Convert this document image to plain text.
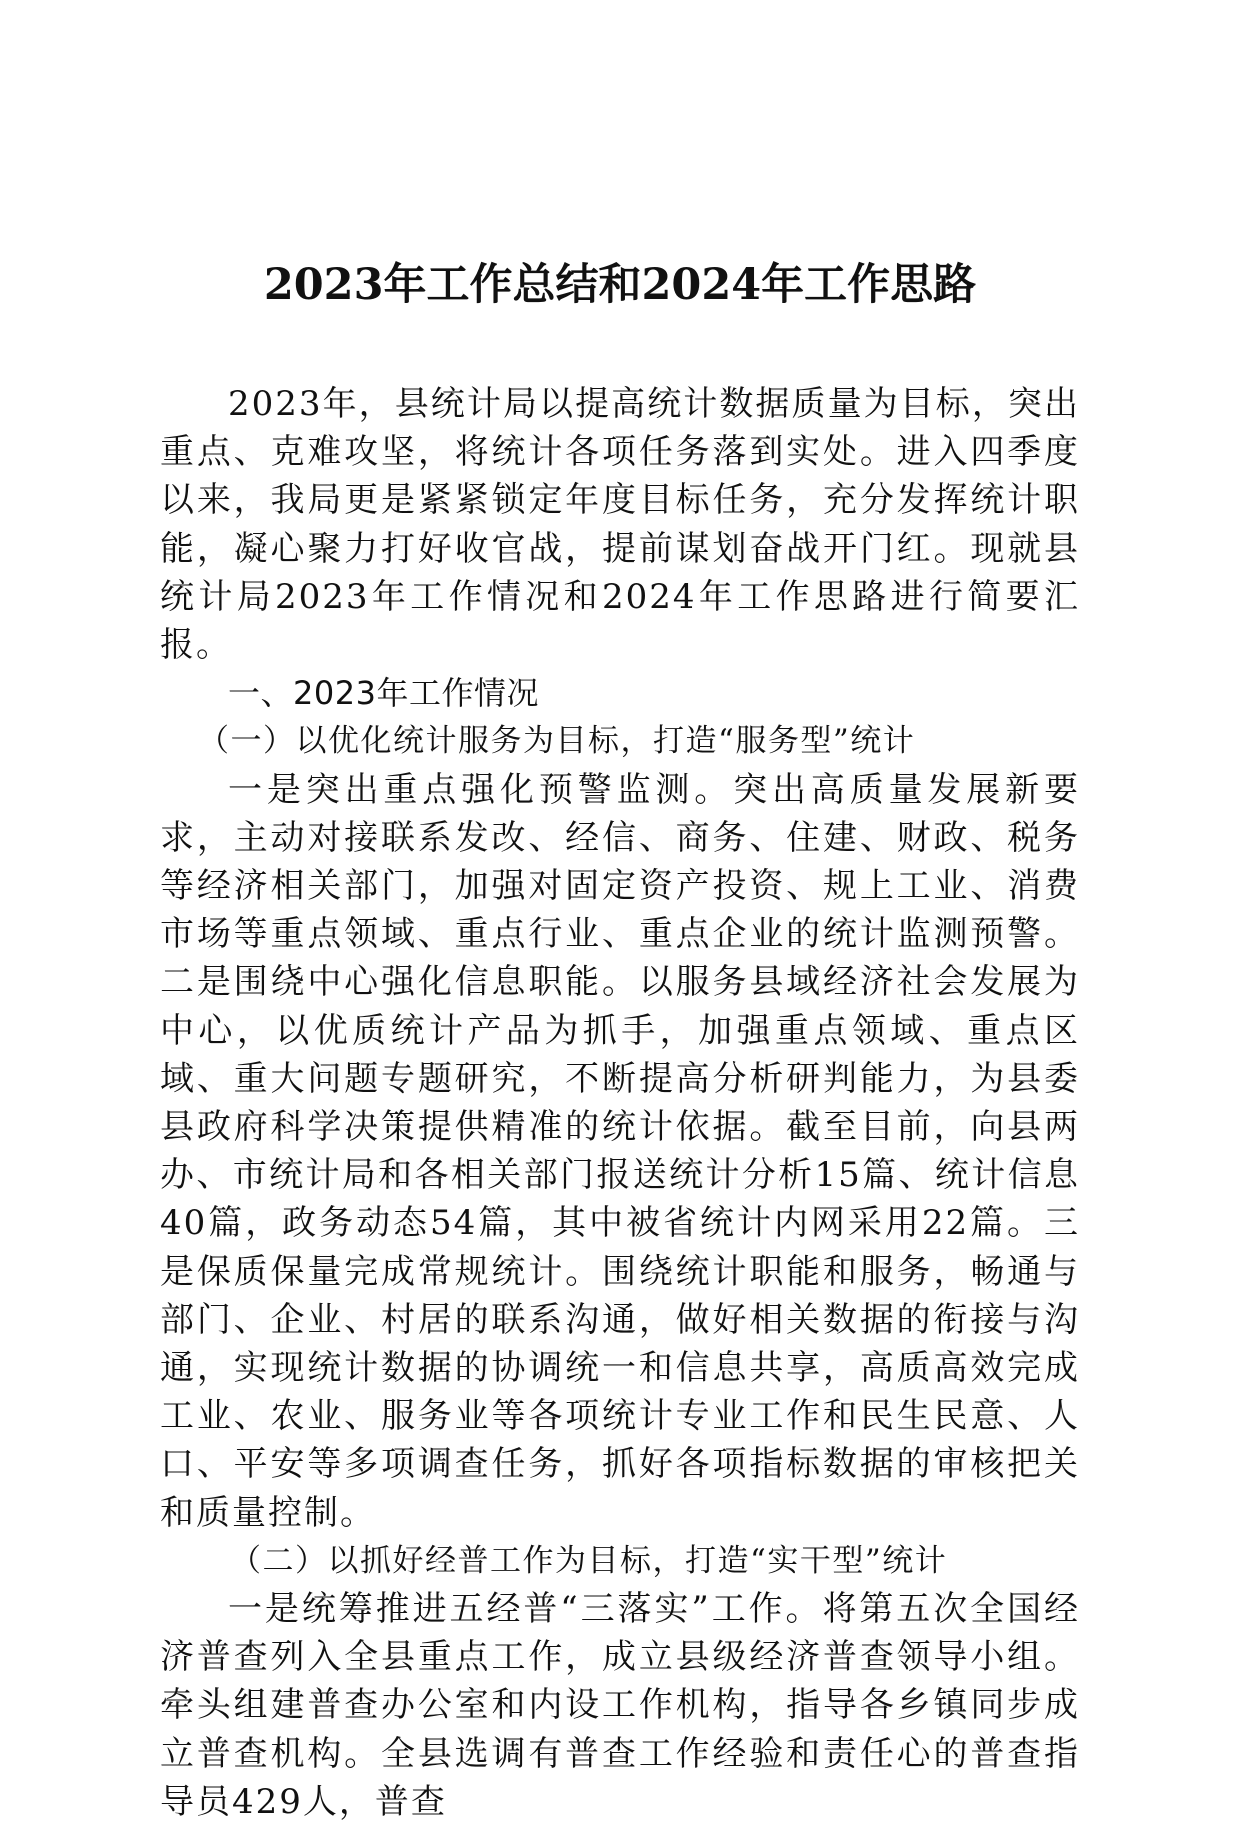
2023年工作总结和2024年工作思路

2023年，县统计局以提高统计数据质量为目标，突出重点、克难攻坚，将统计各项任务落到实处。进入四季度以来，我局更是紧紧锁定年度目标任务，充分发挥统计职能，凝心聚力打好收官战，提前谋划奋战开门红。现就县统计局2023年工作情况和2024年工作思路进行简要汇报。

一、2023年工作情况

（一）以优化统计服务为目标，打造“服务型”统计

一是突出重点强化预警监测。突出高质量发展新要求，主动对接联系发改、经信、商务、住建、财政、税务等经济相关部门，加强对固定资产投资、规上工业、消费市场等重点领域、重点行业、重点企业的统计监测预警。二是围绕中心强化信息职能。以服务县域经济社会发展为中心，以优质统计产品为抓手，加强重点领域、重点区域、重大问题专题研究，不断提高分析研判能力，为县委县政府科学决策提供精准的统计依据。截至目前，向县两办、市统计局和各相关部门报送统计分析15篇、统计信息40篇，政务动态54篇，其中被省统计内网采用22篇。三是保质保量完成常规统计。围绕统计职能和服务，畅通与部门、企业、村居的联系沟通，做好相关数据的衔接与沟通，实现统计数据的协调统一和信息共享，高质高效完成工业、农业、服务业等各项统计专业工作和民生民意、人口、平安等多项调查任务，抓好各项指标数据的审核把关和质量控制。

（二）以抓好经普工作为目标，打造“实干型”统计

一是统筹推进五经普“三落实”工作。将第五次全国经济普查列入全县重点工作，成立县级经济普查领导小组。牵头组建普查办公室和内设工作机构，指导各乡镇同步成立普查机构。全县选调有普查工作经验和责任心的普查指导员429人，普查
